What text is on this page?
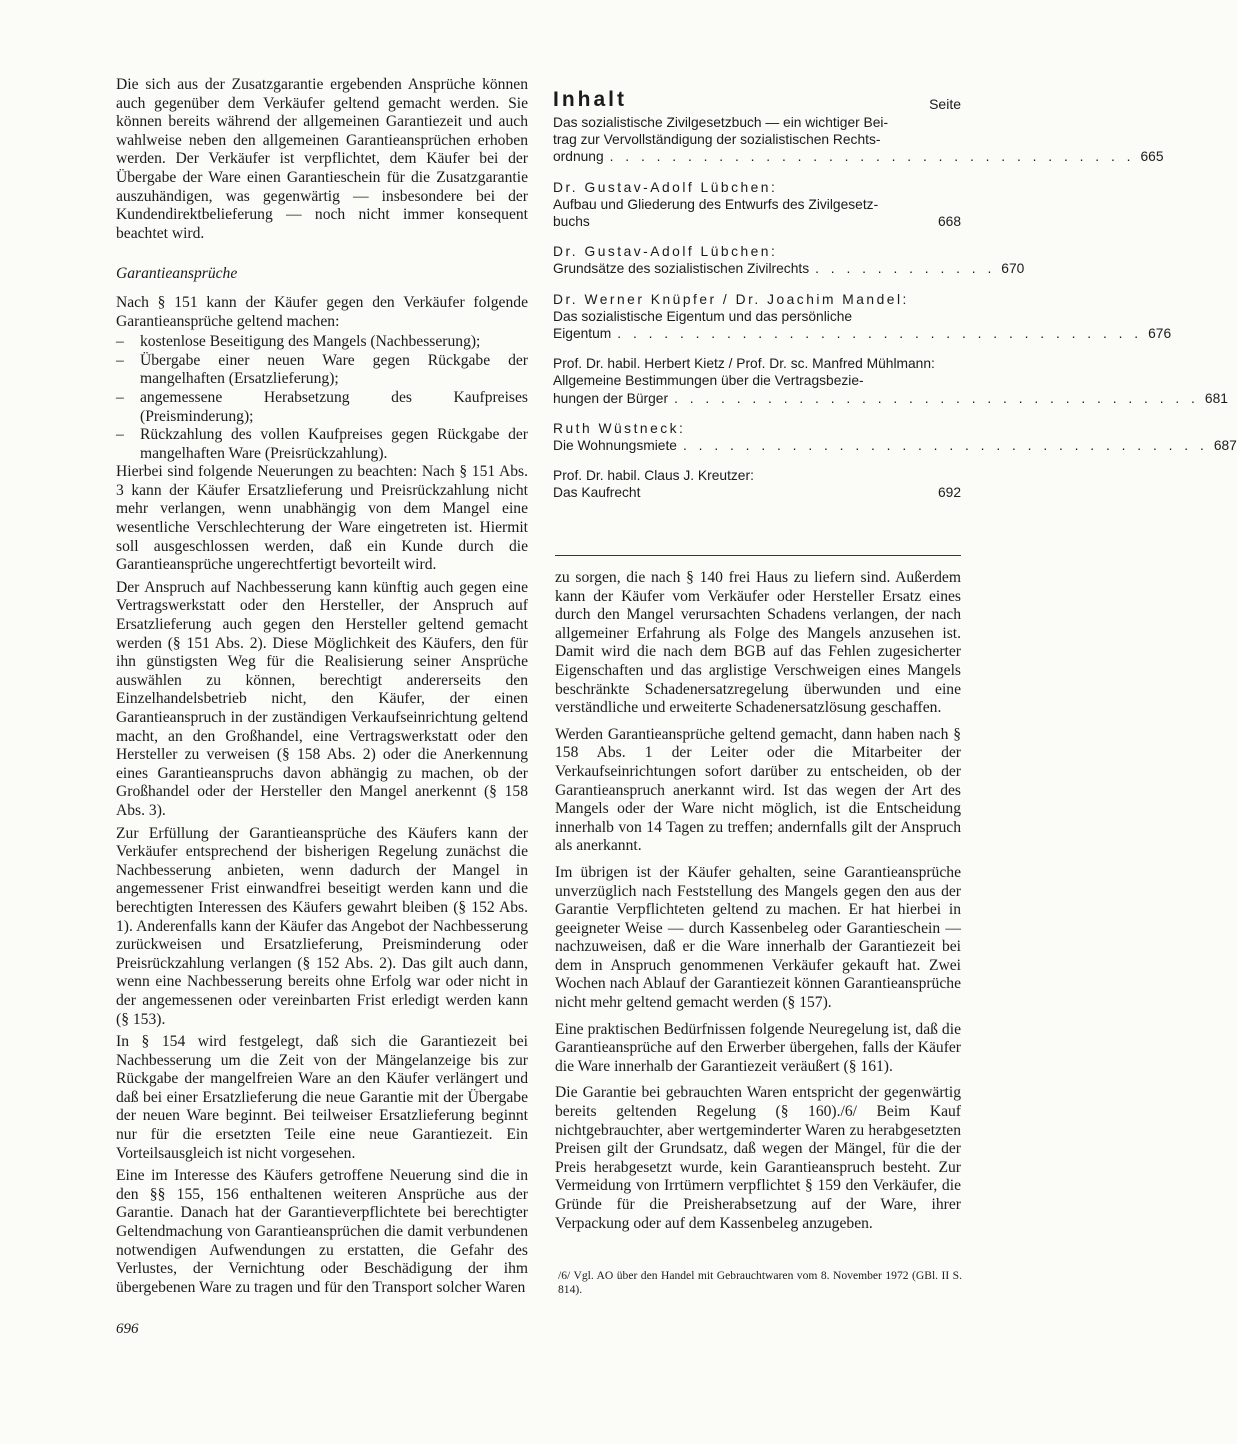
Die sich aus der Zusatzgarantie ergebenden Ansprüche können auch gegenüber dem Verkäufer geltend gemacht werden. Sie können bereits während der allgemeinen Garantiezeit und auch wahlweise neben den allgemeinen Garantieansprüchen erhoben werden. Der Verkäufer ist verpflichtet, dem Käufer bei der Übergabe der Ware einen Garantieschein für die Zusatzgarantie auszuhändigen, was gegenwärtig — insbesondere bei der Kundendirektbelieferung — noch nicht immer konsequent beachtet wird.

Garantieansprüche

Nach § 151 kann der Käufer gegen den Verkäufer folgende Garantieansprüche geltend machen:

– kostenlose Beseitigung des Mangels (Nachbesserung);
– Übergabe einer neuen Ware gegen Rückgabe der mangelhaften (Ersatzlieferung);
– angemessene Herabsetzung des Kaufpreises (Preisminderung);
– Rückzahlung des vollen Kaufpreises gegen Rückgabe der mangelhaften Ware (Preisrückzahlung).

Hierbei sind folgende Neuerungen zu beachten: Nach § 151 Abs. 3 kann der Käufer Ersatzlieferung und Preisrückzahlung nicht mehr verlangen, wenn unabhängig von dem Mangel eine wesentliche Verschlechterung der Ware eingetreten ist. Hiermit soll ausgeschlossen werden, daß ein Kunde durch die Garantieansprüche ungerechtfertigt bevorteilt wird.

Der Anspruch auf Nachbesserung kann künftig auch gegen eine Vertragswerkstatt oder den Hersteller, der Anspruch auf Ersatzlieferung auch gegen den Hersteller geltend gemacht werden (§ 151 Abs. 2). Diese Möglichkeit des Käufers, den für ihn günstigsten Weg für die Realisierung seiner Ansprüche auswählen zu können, berechtigt andererseits den Einzelhandelsbetrieb nicht, den Käufer, der einen Garantieanspruch in der zuständigen Verkaufseinrichtung geltend macht, an den Großhandel, eine Vertragswerkstatt oder den Hersteller zu verweisen (§ 158 Abs. 2) oder die Anerkennung eines Garantieanspruchs davon abhängig zu machen, ob der Großhandel oder der Hersteller den Mangel anerkennt (§ 158 Abs. 3).

Zur Erfüllung der Garantieansprüche des Käufers kann der Verkäufer entsprechend der bisherigen Regelung zunächst die Nachbesserung anbieten, wenn dadurch der Mangel in angemessener Frist einwandfrei beseitigt werden kann und die berechtigten Interessen des Käufers gewahrt bleiben (§ 152 Abs. 1). Anderenfalls kann der Käufer das Angebot der Nachbesserung zurückweisen und Ersatzlieferung, Preisminderung oder Preisrückzahlung verlangen (§ 152 Abs. 2). Das gilt auch dann, wenn eine Nachbesserung bereits ohne Erfolg war oder nicht in der angemessenen oder vereinbarten Frist erledigt werden kann (§ 153).

In § 154 wird festgelegt, daß sich die Garantiezeit bei Nachbesserung um die Zeit von der Mängelanzeige bis zur Rückgabe der mangelfreien Ware an den Käufer verlängert und daß bei einer Ersatzlieferung die neue Garantie mit der Übergabe der neuen Ware beginnt. Bei teilweiser Ersatzlieferung beginnt nur für die ersetzten Teile eine neue Garantiezeit. Ein Vorteilsausgleich ist nicht vorgesehen.

Eine im Interesse des Käufers getroffene Neuerung sind die in den §§ 155, 156 enthaltenen weiteren Ansprüche aus der Garantie. Danach hat der Garantieverpflichtete bei berechtigter Geltendmachung von Garantieansprüchen die damit verbundenen notwendigen Aufwendungen zu erstatten, die Gefahr des Verlustes, der Vernichtung oder Beschädigung der ihm übergebenen Ware zu tragen und für den Transport solcher Waren

Inhalt	Seite
Das sozialistische Zivilgesetzbuch — ein wichtiger Bei-
trag zur Vervollständigung der sozialistischen Rechts-
ordnung . . . . . . . . . . . . . . . . . . . . . . . . . . . . . . . . . . 665
Dr. Gustav-Adolf Lübchen:
Aufbau und Gliederung des Entwurfs des Zivilgesetz-
buchs	668
Dr. Gustav-Adolf Lübchen:
Grundsätze des sozialistischen Zivilrechts . . . . . . . . . . . . 670
Dr. Werner Knüpfer / Dr. Joachim Mandel:
Das sozialistische Eigentum und das persönliche
Eigentum . . . . . . . . . . . . . . . . . . . . . . . . . . . . . . . . . . 676
Prof. Dr. habil. Herbert Kietz / Prof. Dr. sc. Manfred Mühlmann:
Allgemeine Bestimmungen über die Vertragsbezie-
hungen der Bürger . . . . . . . . . . . . . . . . . . . . . . . . . . . . . . . . . . 681
Ruth Wüstneck:
Die Wohnungsmiete . . . . . . . . . . . . . . . . . . . . . . . . . . . . . . . . . . 687
Prof. Dr. habil. Claus J. Kreutzer:
Das Kaufrecht	692

zu sorgen, die nach § 140 frei Haus zu liefern sind. Außerdem kann der Käufer vom Verkäufer oder Hersteller Ersatz eines durch den Mangel verursachten Schadens verlangen, der nach allgemeiner Erfahrung als Folge des Mangels anzusehen ist. Damit wird die nach dem BGB auf das Fehlen zugesicherter Eigenschaften und das arglistige Verschweigen eines Mangels beschränkte Schadenersatzregelung überwunden und eine verständliche und erweiterte Schadenersatzlösung geschaffen.

Werden Garantieansprüche geltend gemacht, dann haben nach § 158 Abs. 1 der Leiter oder die Mitarbeiter der Verkaufseinrichtungen sofort darüber zu entscheiden, ob der Garantieanspruch anerkannt wird. Ist das wegen der Art des Mangels oder der Ware nicht möglich, ist die Entscheidung innerhalb von 14 Tagen zu treffen; andernfalls gilt der Anspruch als anerkannt.

Im übrigen ist der Käufer gehalten, seine Garantieansprüche unverzüglich nach Feststellung des Mangels gegen den aus der Garantie Verpflichteten geltend zu machen. Er hat hierbei in geeigneter Weise — durch Kassenbeleg oder Garantieschein — nachzuweisen, daß er die Ware innerhalb der Garantiezeit bei dem in Anspruch genommenen Verkäufer gekauft hat. Zwei Wochen nach Ablauf der Garantiezeit können Garantieansprüche nicht mehr geltend gemacht werden (§ 157).

Eine praktischen Bedürfnissen folgende Neuregelung ist, daß die Garantieansprüche auf den Erwerber übergehen, falls der Käufer die Ware innerhalb der Garantiezeit veräußert (§ 161).

Die Garantie bei gebrauchten Waren entspricht der gegenwärtig bereits geltenden Regelung (§ 160)./6/ Beim Kauf nichtgebrauchter, aber wertgeminderter Waren zu herabgesetzten Preisen gilt der Grundsatz, daß wegen der Mängel, für die der Preis herabgesetzt wurde, kein Garantieanspruch besteht. Zur Vermeidung von Irrtümern verpflichtet § 159 den Verkäufer, die Gründe für die Preisherabsetzung auf der Ware, ihrer Verpackung oder auf dem Kassenbeleg anzugeben.

/6/ Vgl. AO über den Handel mit Gebrauchtwaren vom 8. November 1972 (GBl. II S. 814).
696
